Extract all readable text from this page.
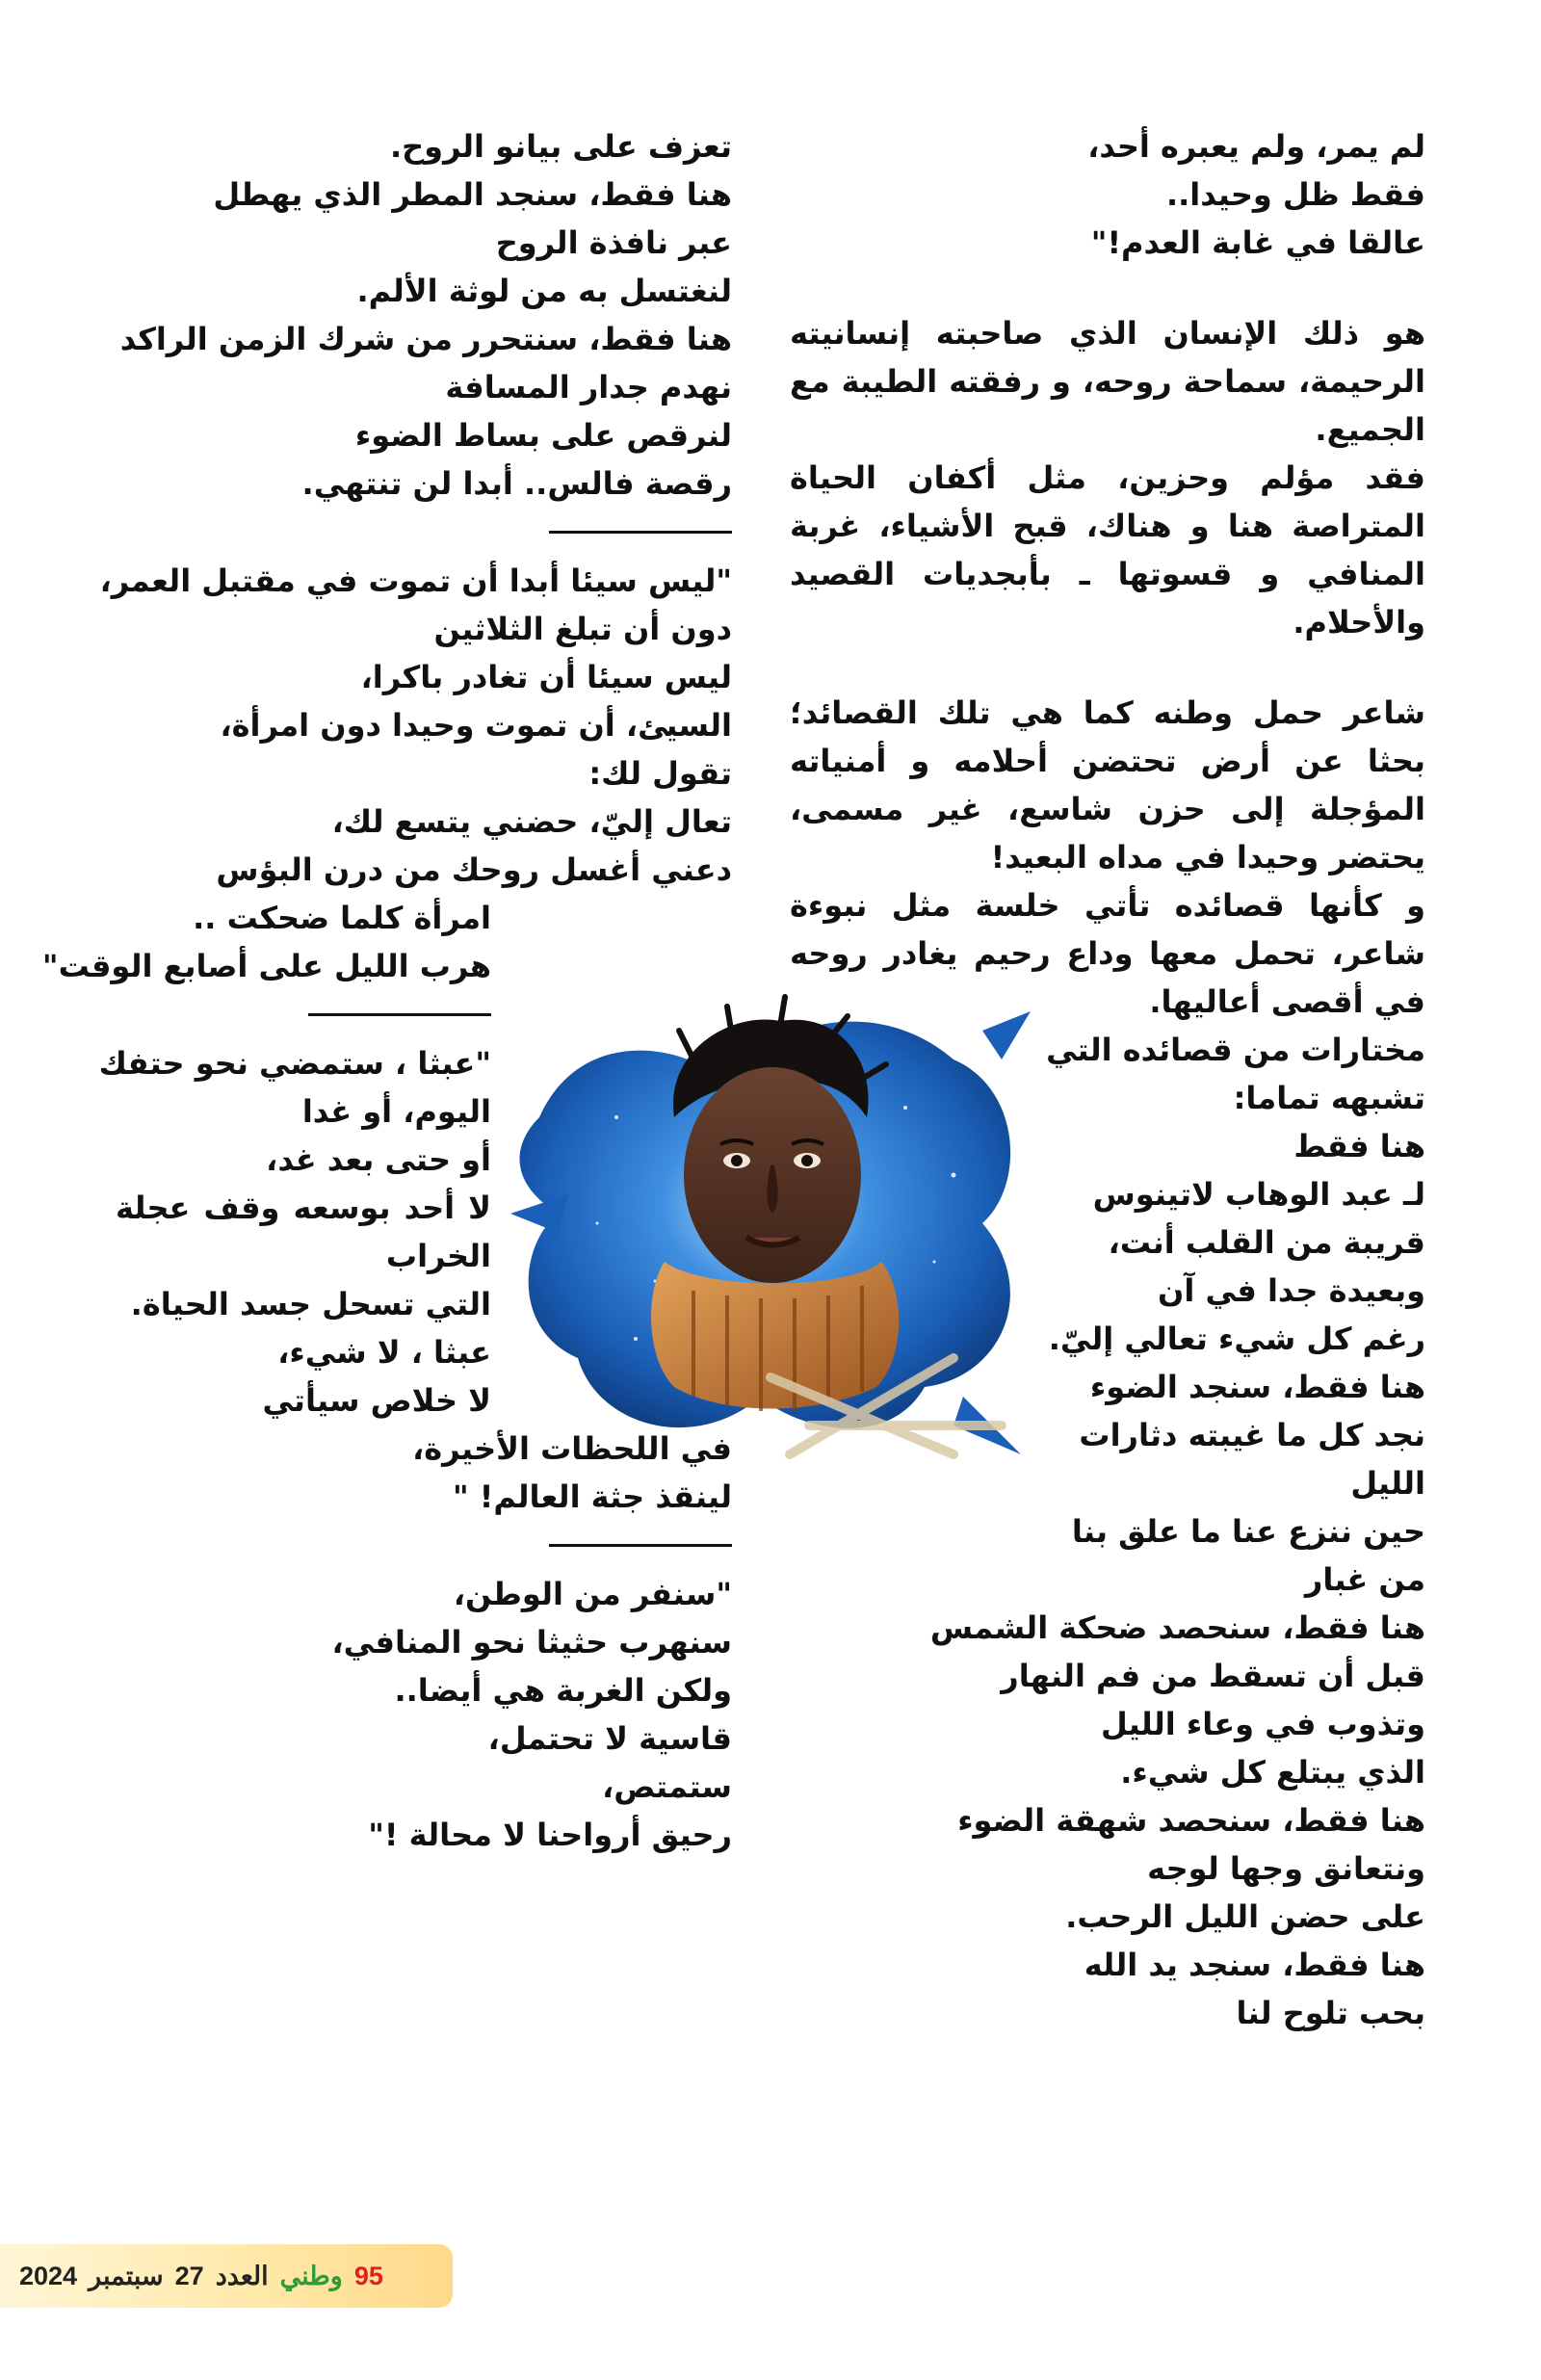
لم يمر، ولم يعبره أحد،
فقط ظل وحيدا..
عالقا في غابة العدم!"
هو ذلك الإنسان الذي صاحبته إنسانيته الرحيمة، سماحة روحه، و رفقته الطيبة مع الجميع.
فقد مؤلم وحزين، مثل أكفان الحياة المتراصة هنا و هناك، قبح الأشياء، غربة المنافي و قسوتها ـ بأبجديات القصيد والأحلام.
شاعر حمل وطنه كما هي تلك القصائد؛ بحثا عن أرض تحتضن أحلامه و أمنياته المؤجلة إلى حزن شاسع، غير مسمى، يحتضر وحيدا في مداه البعيد!
و كأنها قصائده تأتي خلسة مثل نبوءة شاعر، تحمل معها وداع رحيم يغادر روحه في أقصى أعاليها.
مختارات من قصائده التي
تشبهه تماما:
هنا فقط
لـ عبد الوهاب لاتينوس
قريبة من القلب أنت،
وبعيدة جدا في آن
رغم كل شيء تعالي إليّ.
هنا فقط، سنجد الضوء
نجد كل ما غيبته دثارات
الليل
حين ننزع عنا ما علق بنا
من غبار
هنا فقط، سنحصد ضحكة الشمس
قبل أن تسقط من فم النهار
وتذوب في وعاء الليل
الذي يبتلع كل شيء.
هنا فقط، سنحصد شهقة الضوء
ونتعانق وجها لوجه
على حضن الليل الرحب.
هنا فقط، سنجد يد الله
بحب تلوح لنا
تعزف على بيانو الروح.
هنا فقط، سنجد المطر الذي يهطل
عبر نافذة الروح
لنغتسل به من لوثة الألم.
هنا فقط، سنتحرر من شرك الزمن الراكد
نهدم جدار المسافة
لنرقص على بساط الضوء
رقصة فالس.. أبدا لن تنتهي.
"ليس سيئا أبدا أن تموت في مقتبل العمر،
دون أن تبلغ الثلاثين
ليس سيئا أن تغادر باكرا،
السيئ، أن تموت وحيدا دون امرأة،
تقول لك:
تعال إليّ، حضني يتسع لك،
دعني أغسل روحك من درن البؤس
امرأة كلما ضحكت ..
هرب الليل على أصابع الوقت"
"عبثا ، ستمضي نحو حتفك
اليوم، أو غدا
أو حتى بعد غد،
لا أحد بوسعه وقف عجلة الخراب
التي تسحل جسد الحياة.
عبثا ، لا شيء،
لا خلاص سيأتي
في اللحظات الأخيرة،
لينقذ جثة العالم! "
"سنفر من الوطن،
سنهرب حثيثا نحو المنافي،
ولكن الغربة هي أيضا..
قاسية لا تحتمل،
ستمتص،
رحيق أرواحنا لا محالة !"
95
وطني
العدد
27
سبتمبر
2024
